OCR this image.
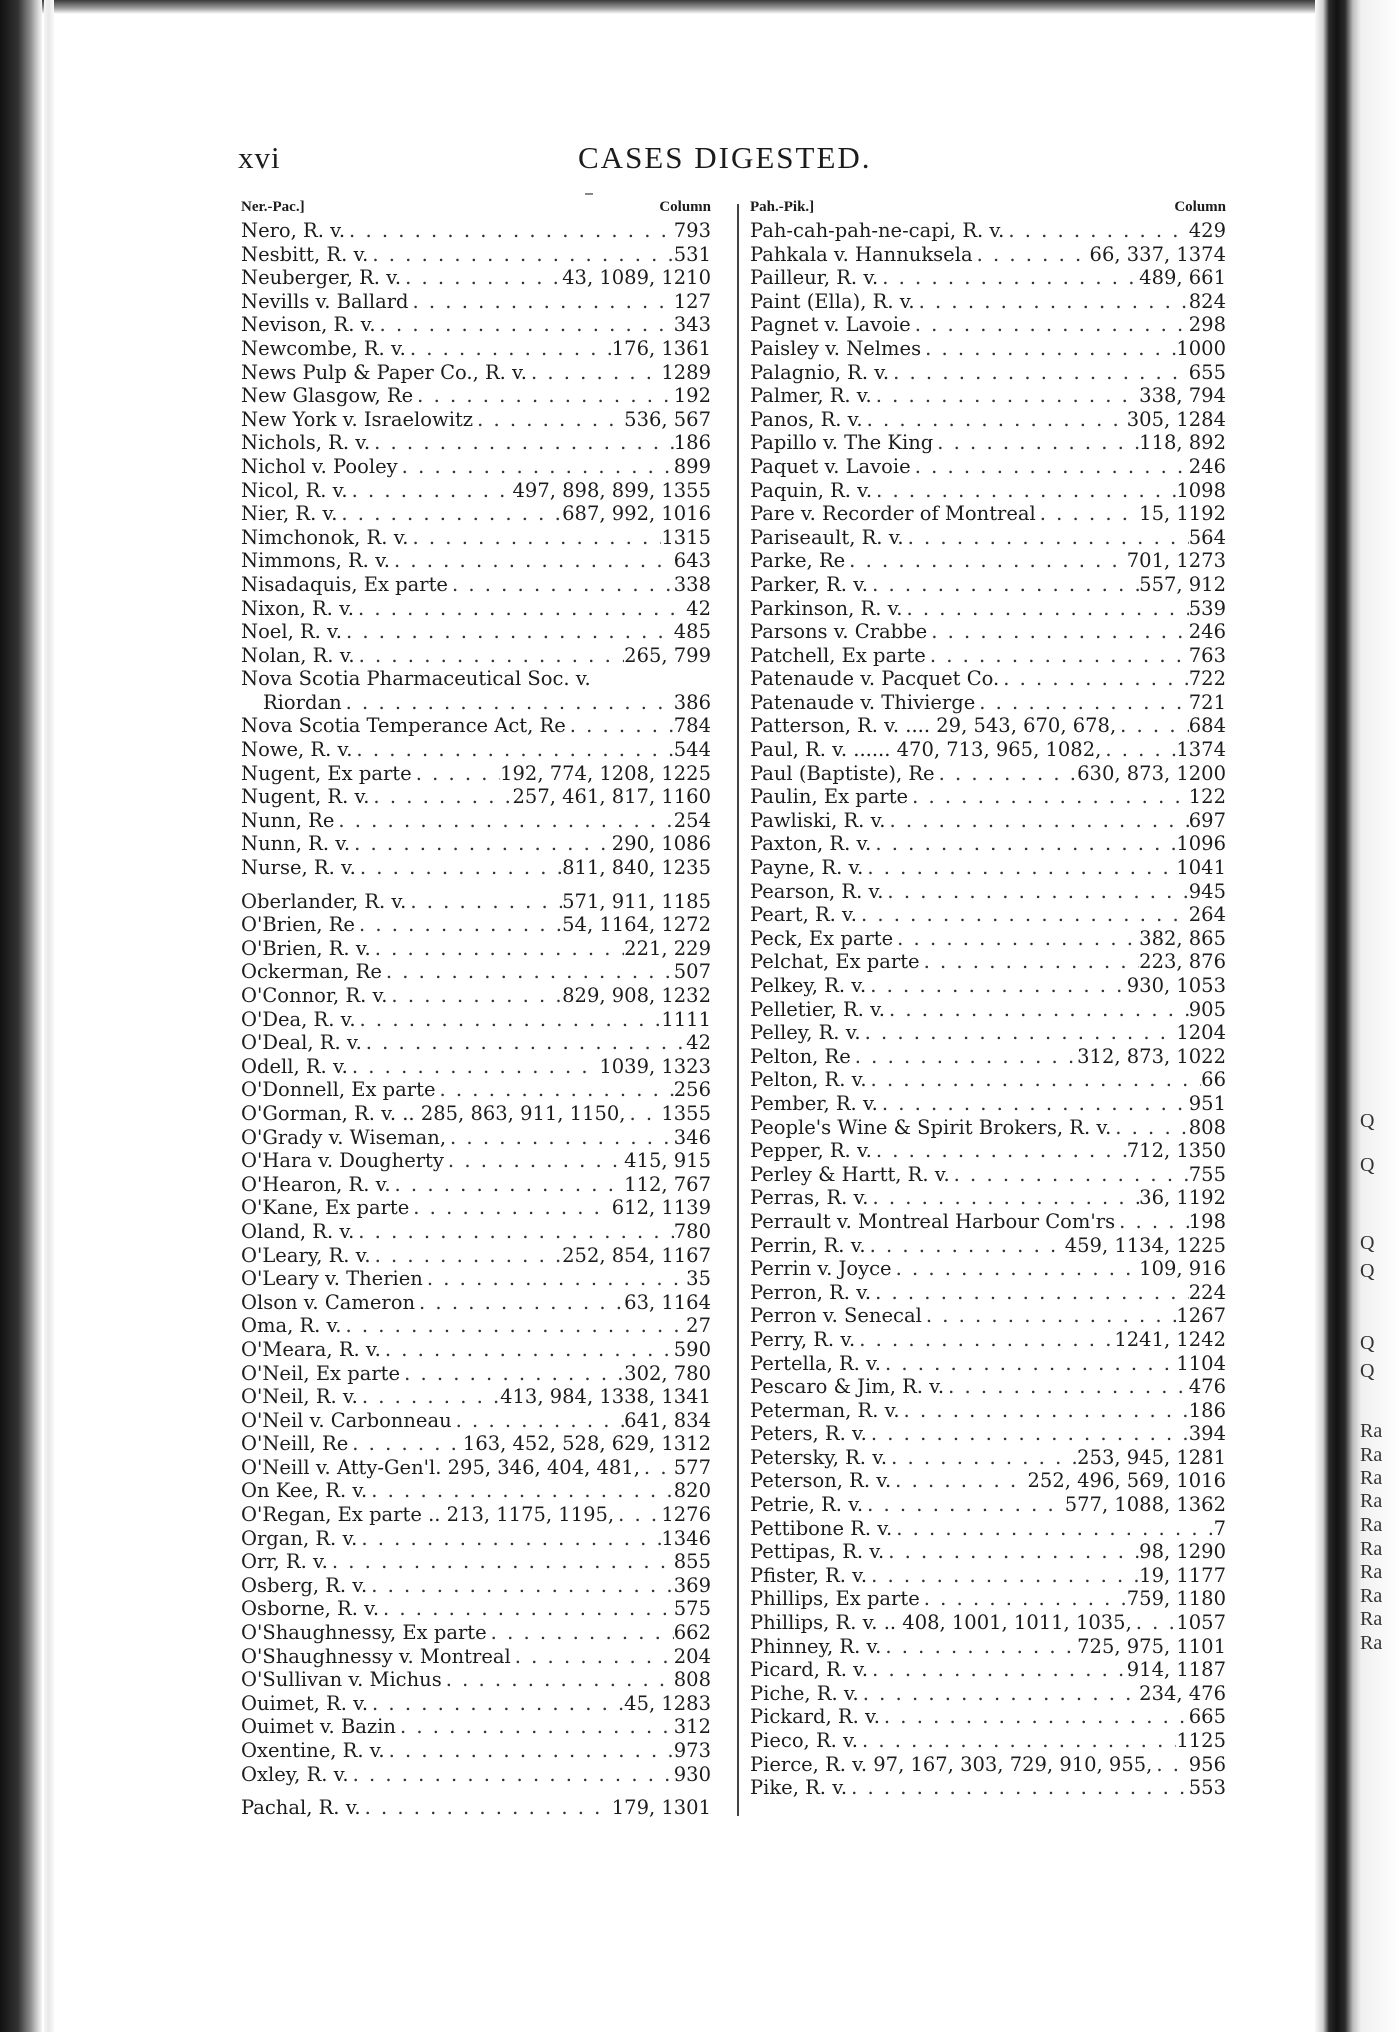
Q
Q
Q
Q
Q
Q
Ra
Ra
Ra
Ra
Ra
Ra
Ra
Ra
Ra
Ra
xvi	CASES DIGESTED.
Ner.-Pac.]	Column
Nero, R. v. . . .	793
Nesbitt, R. v. . . .	531
Neuberger, R. v. . . .	43, 1089, 1210
Nevills v. Ballard . . .	127
Nevison, R. v. . . .	343
Newcombe, R. v. . . .	176, 1361
News Pulp & Paper Co., R. v. . . .	1289
New Glasgow, Re . . .	192
New York v. Israelowitz . . .	536, 567
Nichols, R. v. . . .	186
Nichol v. Pooley . . .	899
Nicol, R. v. . . .	497, 898, 899, 1355
Nier, R. v. . . .	687, 992, 1016
Nimchonok, R. v. . . .	1315
Nimmons, R. v. . . .	643
Nisadaquis, Ex parte . . .	338
Nixon, R. v. . . .	42
Noel, R. v. . . .	485
Nolan, R. v. . . .	265, 799
Nova Scotia Pharmaceutical Soc. v.
Riordan . . .	386
Nova Scotia Temperance Act, Re . . .	784
Nowe, R. v. . . .	544
Nugent, Ex parte . . .	192, 774, 1208, 1225
Nugent, R. v. . . .	257, 461, 817, 1160
Nunn, Re . . .	254
Nunn, R. v. . . .	290, 1086
Nurse, R. v. . . .	811, 840, 1235
Oberlander, R. v. . . .	571, 911, 1185
O'Brien, Re . . .	54, 1164, 1272
O'Brien, R. v. . . .	221, 229
Ockerman, Re . . .	507
O'Connor, R. v. . . .	829, 908, 1232
O'Dea, R. v. . . .	1111
O'Deal, R. v. . . .	42
Odell, R. v. . . .	1039, 1323
O'Donnell, Ex parte . . .	256
O'Gorman, R. v. .. 285, 863, 911, 1150, . . . 1355
O'Grady v. Wiseman, . . .	346
O'Hara v. Dougherty . . .	415, 915
O'Hearon, R. v. . . .	112, 767
O'Kane, Ex parte . . .	612, 1139
Oland, R. v. . . .	780
O'Leary, R. v. . . .	252, 854, 1167
O'Leary v. Therien . . .	35
Olson v. Cameron . . .	63, 1164
Oma, R. v. . . .	27
O'Meara, R. v. . . .	590
O'Neil, Ex parte . . .	302, 780
O'Neil, R. v. . . .	413, 984, 1338, 1341
O'Neil v. Carbonneau . . .	641, 834
O'Neill, Re . . .	163, 452, 528, 629, 1312
O'Neill v. Atty-Gen'l. 295, 346, 404, 481, . . . 577
On Kee, R. v. . . .	820
O'Regan, Ex parte .. 213, 1175, 1195, . . . 1276
Organ, R. v. . . .	1346
Orr, R. v. . . .	855
Osberg, R. v. . . .	369
Osborne, R. v. . . .	575
O'Shaughnessy, Ex parte . . .	662
O'Shaughnessy v. Montreal . . .	204
O'Sullivan v. Michus . . .	808
Ouimet, R. v. . . .	45, 1283
Ouimet v. Bazin . . .	312
Oxentine, R. v. . . .	973
Oxley, R. v. . . .	930
Pachal, R. v. . . .	179, 1301
Pah.-Pik.]	Column
Pah-cah-pah-ne-capi, R. v. . . .	429
Pahkala v. Hannuksela . . .	66, 337, 1374
Pailleur, R. v. . . .	489, 661
Paint (Ella), R. v. . . .	824
Pagnet v. Lavoie . . .	298
Paisley v. Nelmes . . .	1000
Palagnio, R. v. . . .	655
Palmer, R. v. . . .	338, 794
Panos, R. v. . . .	305, 1284
Papillo v. The King . . .	118, 892
Paquet v. Lavoie . . .	246
Paquin, R. v. . . .	1098
Pare v. Recorder of Montreal . . .	15, 1192
Pariseault, R. v. . . .	564
Parke, Re . . .	701, 1273
Parker, R. v. . . .	557, 912
Parkinson, R. v. . . .	539
Parsons v. Crabbe . . .	246
Patchell, Ex parte . . .	763
Patenaude v. Pacquet Co. . . .	722
Patenaude v. Thivierge . . .	721
Patterson, R. v. .... 29, 543, 670, 678, . . .	684
Paul, R. v. ...... 470, 713, 965, 1082, . . .	1374
Paul (Baptiste), Re . . .	630, 873, 1200
Paulin, Ex parte . . .	122
Pawliski, R. v. . . .	697
Paxton, R. v. . . .	1096
Payne, R. v. . . .	1041
Pearson, R. v. . . .	945
Peart, R. v. . . .	264
Peck, Ex parte . . .	382, 865
Pelchat, Ex parte . . .	223, 876
Pelkey, R. v. . . .	930, 1053
Pelletier, R. v. . . .	905
Pelley, R. v. . . .	1204
Pelton, Re . . .	312, 873, 1022
Pelton, R. v. . . .	66
Pember, R. v. . . .	951
People's Wine & Spirit Brokers, R. v. . . .	808
Pepper, R. v. . . .	712, 1350
Perley & Hartt, R. v. . . .	755
Perras, R. v. . . .	36, 1192
Perrault v. Montreal Harbour Com'rs . . .	198
Perrin, R. v. . . .	459, 1134, 1225
Perrin v. Joyce . . .	109, 916
Perron, R. v. . . .	224
Perron v. Senecal . . .	1267
Perry, R. v. . . .	1241, 1242
Pertella, R. v. . . .	1104
Pescaro & Jim, R. v. . . .	476
Peterman, R. v. . . .	186
Peters, R. v. . . .	394
Petersky, R. v. . . .	253, 945, 1281
Peterson, R. v. . . .	252, 496, 569, 1016
Petrie, R. v. . . .	577, 1088, 1362
Pettibone R. v. . . .	7
Pettipas, R. v. . . .	98, 1290
Pfister, R. v. . . .	19, 1177
Phillips, Ex parte . . .	759, 1180
Phillips, R. v. .. 408, 1001, 1011, 1035, . . . 1057
Phinney, R. v. . . .	725, 975, 1101
Picard, R. v. . . .	914, 1187
Piche, R. v. . . .	234, 476
Pickard, R. v. . . .	665
Pieco, R. v. . . .	1125
Pierce, R. v. 97, 167, 303, 729, 910, 955, . . . 956
Pike, R. v. . . .	553
